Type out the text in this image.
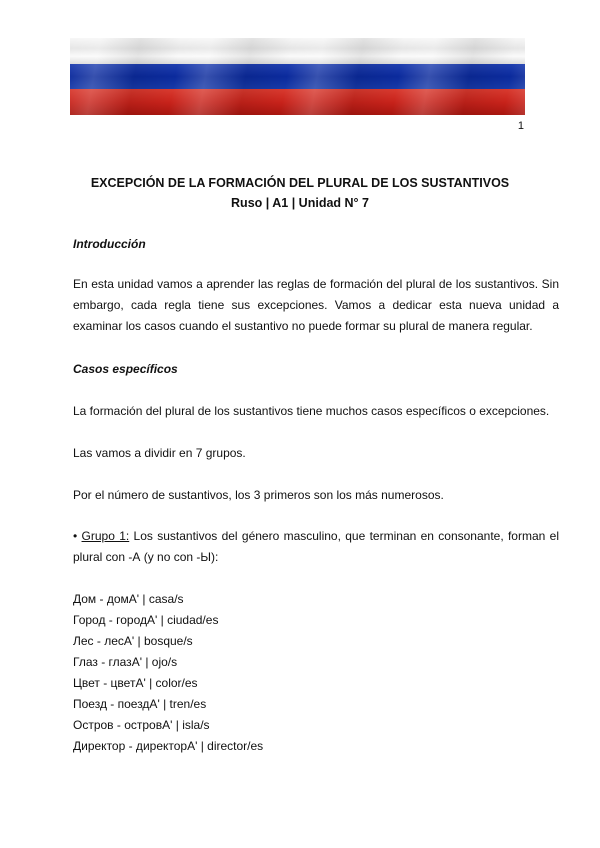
1
EXCEPCIÓN DE LA FORMACIÓN DEL PLURAL DE LOS SUSTANTIVOS
Ruso | A1 | Unidad N° 7
Introducción
En esta unidad vamos a aprender las reglas de formación del plural de los sustantivos. Sin embargo, cada regla tiene sus excepciones. Vamos a dedicar esta nueva unidad a examinar los casos cuando el sustantivo no puede formar su plural de manera regular.
Casos específicos
La formación del plural de los sustantivos tiene muchos casos específicos o excepciones.
Las vamos a dividir en 7 grupos.
Por el número de sustantivos, los 3 primeros son los más numerosos.
• Grupo 1: Los sustantivos del género masculino, que terminan en consonante, forman el plural con -А (y no con -Ы):
Дом - домА' | casa/s
Город - городА' | ciudad/es
Лес - лесА' | bosque/s
Глаз - глазА' | ojo/s
Цвет - цветА' | color/es
Поезд - поездА' | tren/es
Остров - островА' | isla/s
Директор - директорА' | director/es
